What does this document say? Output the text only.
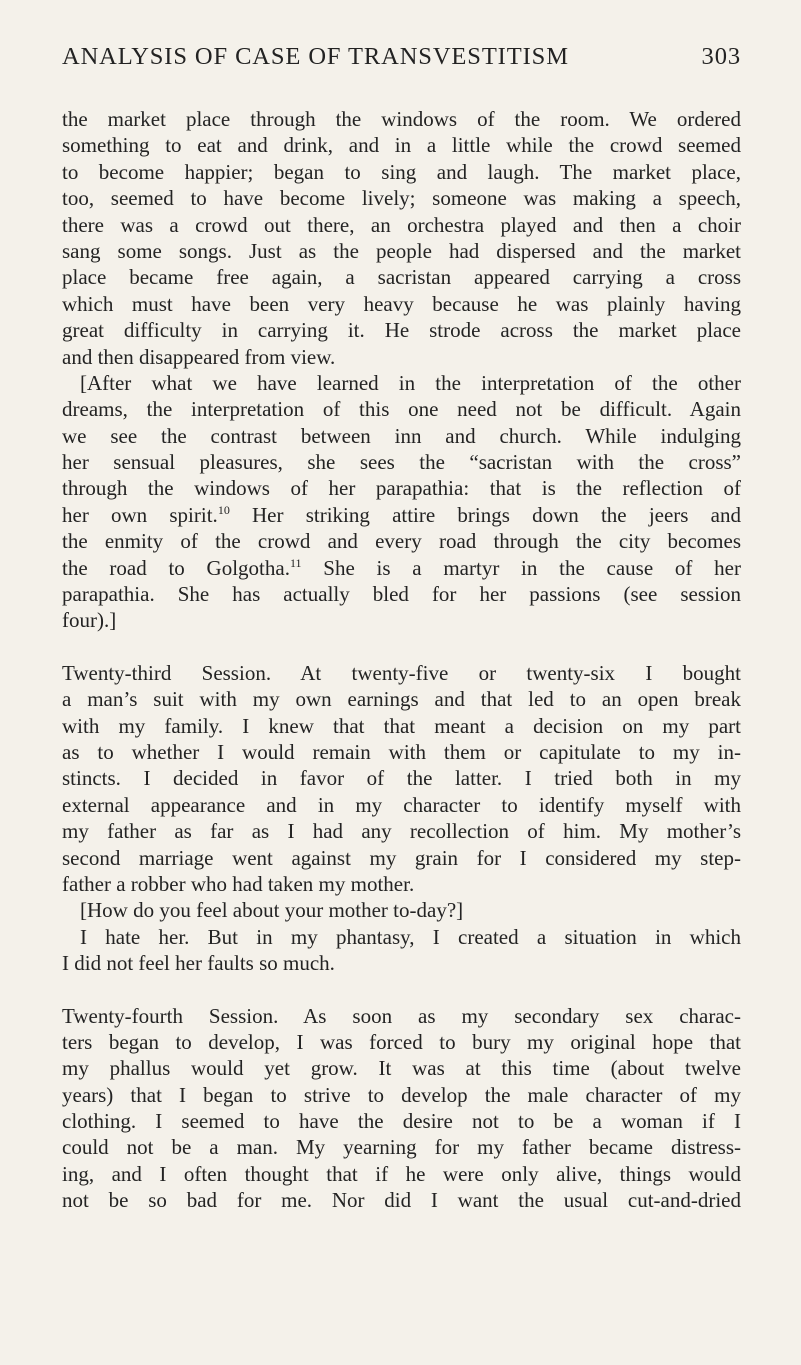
ANALYSIS OF CASE OF TRANSVESTITISM	303
the market place through the windows of the room. We ordered
something to eat and drink, and in a little while the crowd seemed
to become happier; began to sing and laugh. The market place,
too, seemed to have become lively; someone was making a speech,
there was a crowd out there, an orchestra played and then a choir
sang some songs. Just as the people had dispersed and the market
place became free again, a sacristan appeared carrying a cross
which must have been very heavy because he was plainly having
great difficulty in carrying it. He strode across the market place
and then disappeared from view.
[After what we have learned in the interpretation of the other
dreams, the interpretation of this one need not be difficult. Again
we see the contrast between inn and church. While indulging
her sensual pleasures, she sees the “sacristan with the cross”
through the windows of her parapathia: that is the reflection of
her own spirit.$^{10}$ Her striking attire brings down the jeers and
the enmity of the crowd and every road through the city becomes
the road to Golgotha.$^{11}$ She is a martyr in the cause of her
parapathia. She has actually bled for her passions (see session
four).]
Twenty-third Session. At twenty-five or twenty-six I bought
a man’s suit with my own earnings and that led to an open break
with my family. I knew that that meant a decision on my part
as to whether I would remain with them or capitulate to my in-
stincts. I decided in favor of the latter. I tried both in my
external appearance and in my character to identify myself with
my father as far as I had any recollection of him. My mother’s
second marriage went against my grain for I considered my step-
father a robber who had taken my mother.
[How do you feel about your mother to-day?]
I hate her. But in my phantasy, I created a situation in which
I did not feel her faults so much.
Twenty-fourth Session. As soon as my secondary sex charac-
ters began to develop, I was forced to bury my original hope that
my phallus would yet grow. It was at this time (about twelve
years) that I began to strive to develop the male character of my
clothing. I seemed to have the desire not to be a woman if I
could not be a man. My yearning for my father became distress-
ing, and I often thought that if he were only alive, things would
not be so bad for me. Nor did I want the usual cut-and-dried
